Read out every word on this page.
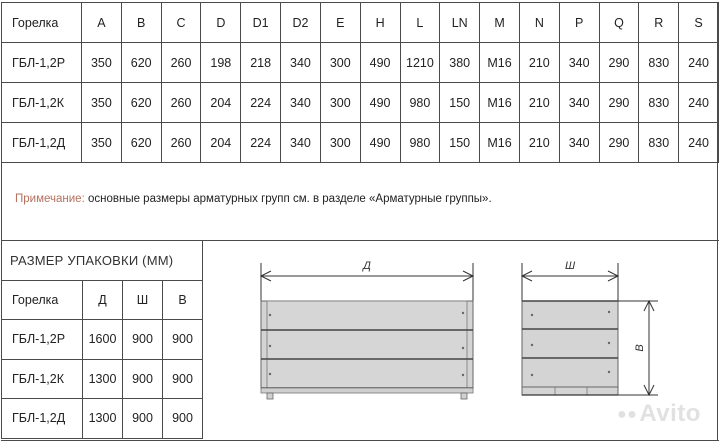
Горелка	A	B	C	D	D1	D2	E	H	L	LN	M	N	P	Q	R	S
ГБЛ-1,2Р	350	620	260	198	218	340	300	490	1210	380	M16	210	340	290	830	240
ГБЛ-1,2К	350	620	260	204	224	340	300	490	980	150	M16	210	340	290	830	240
ГБЛ-1,2Д	350	620	260	204	224	340	300	490	980	150	M16	210	340	290	830	240
Примечание: основные размеры арматурных групп см. в разделе «Арматурные группы».
РАЗМЕР УПАКОВКИ (ММ)			
Горелка	Д	Ш	В
ГБЛ-1,2Р	1600	900	900
ГБЛ-1,2К	1300	900	900
ГБЛ-1,2Д	1300	900	900
Д	Ш
В
●●Avito
